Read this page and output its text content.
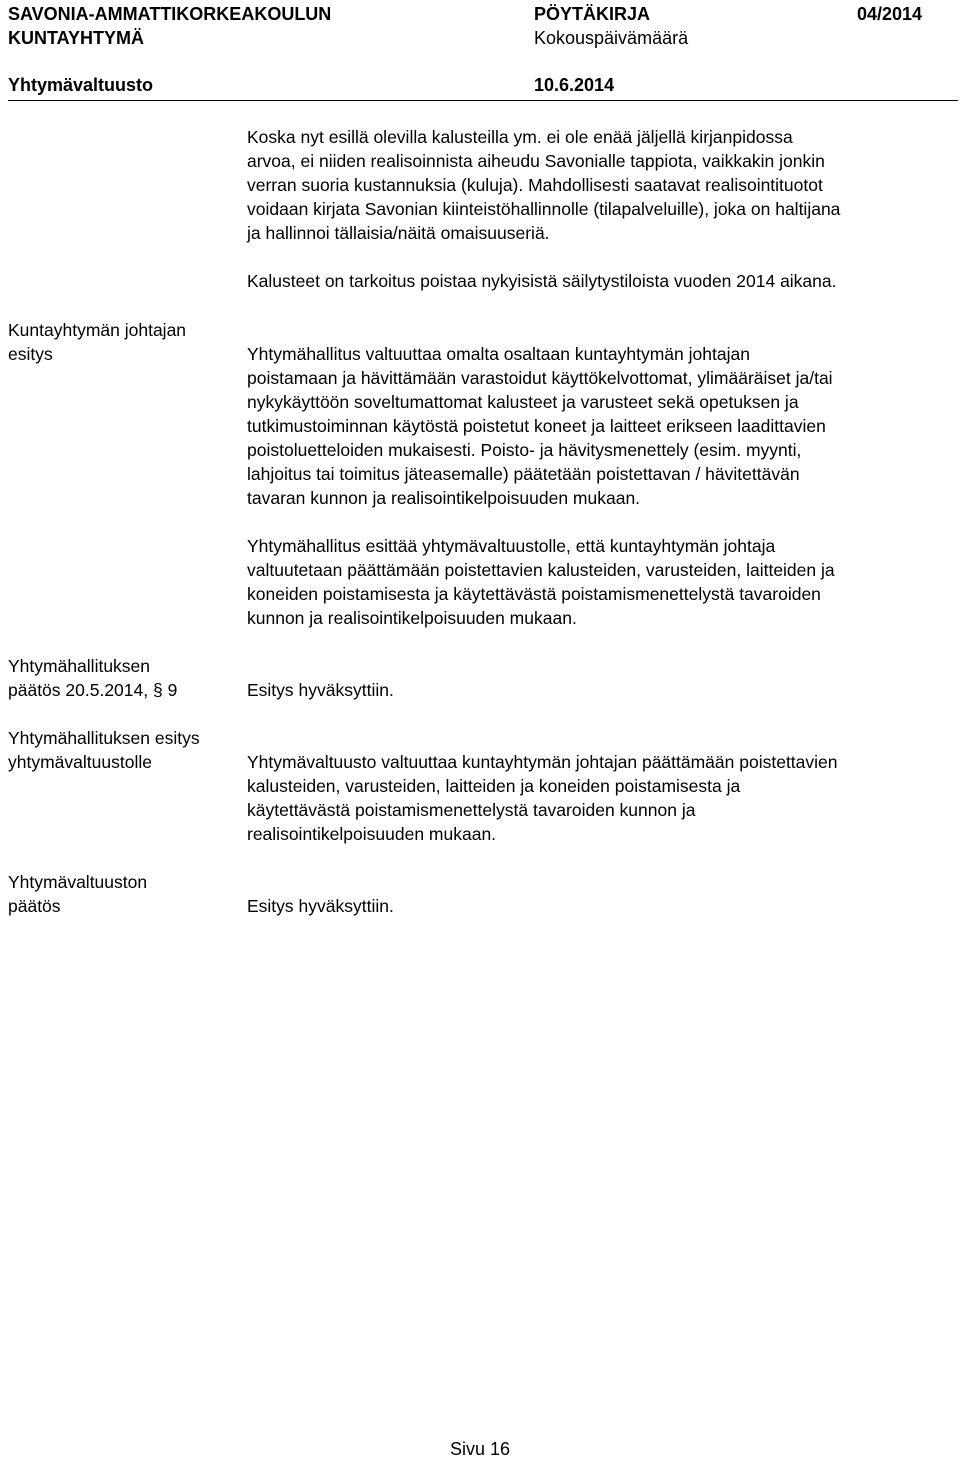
SAVONIA-AMMATTIKORKEAKOULUN
KUNTAYHTYMÄ
PÖYTÄKIRJA	04/2014
Kokouspäivämäärä
Yhtymävaltuusto	10.6.2014
Koska nyt esillä olevilla kalusteilla ym. ei ole enää jäljellä kirjanpidossa
arvoa, ei niiden realisoinnista aiheudu Savonialle tappiota, vaikkakin jonkin
verran suoria kustannuksia (kuluja). Mahdollisesti saatavat realisointituotot
voidaan kirjata Savonian kiinteistöhallinnolle (tilapalveluille), joka on haltijana
ja hallinnoi tällaisia/näitä omaisuuseriä.
Kalusteet on tarkoitus poistaa nykyisistä säilytystiloista vuoden 2014 aikana.
Kuntayhtymän johtajan
esitys	Yhtymähallitus valtuuttaa omalta osaltaan kuntayhtymän johtajan
poistamaan ja hävittämään varastoidut käyttökelvottomat, ylimääräiset ja/tai
nykykäyttöön soveltumattomat kalusteet ja varusteet sekä opetuksen ja
tutkimustoiminnan käytöstä poistetut koneet ja laitteet erikseen laadittavien
poistoluetteloiden mukaisesti. Poisto- ja hävitysmenettely (esim. myynti,
lahjoitus tai toimitus jäteasemalle) päätetään poistettavan / hävitettävän
tavaran kunnon ja realisointikelpoisuuden mukaan.
Yhtymähallitus esittää yhtymävaltuustolle, että kuntayhtymän johtaja
valtuutetaan päättämään poistettavien kalusteiden, varusteiden, laitteiden ja
koneiden poistamisesta ja käytettävästä poistamismenettelystä tavaroiden
kunnon ja realisointikelpoisuuden mukaan.
Yhtymähallituksen
päätös 20.5.2014, § 9	Esitys hyväksyttiin.
Yhtymähallituksen esitys
yhtymävaltuustolle	Yhtymävaltuusto valtuuttaa kuntayhtymän johtajan päättämään poistettavien
kalusteiden, varusteiden, laitteiden ja koneiden poistamisesta ja
käytettävästä poistamismenettelystä tavaroiden kunnon ja
realisointikelpoisuuden mukaan.
Yhtymävaltuuston
päätös	Esitys hyväksyttiin.
Sivu 16
